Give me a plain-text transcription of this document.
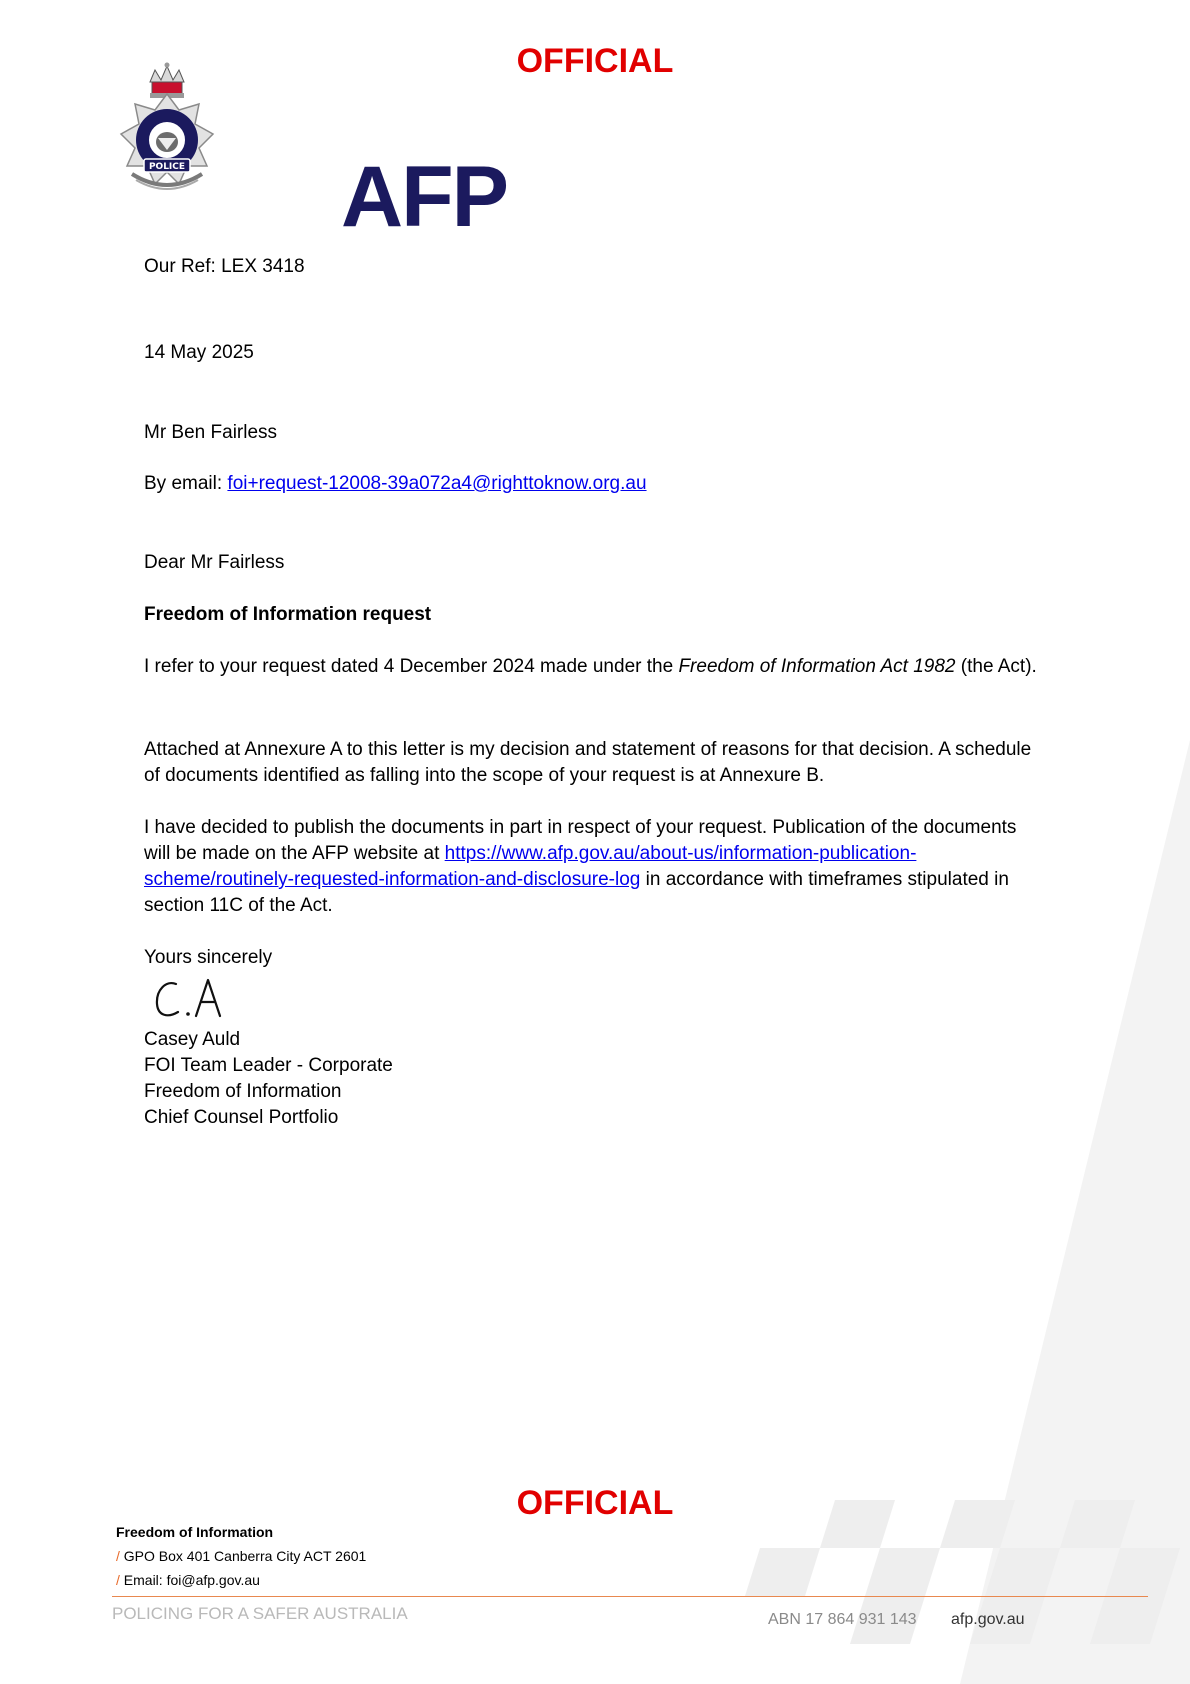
OFFICIAL
POLICE AFP
Our Ref: LEX 3418
14 May 2025
Mr Ben Fairless
By email: foi+request-12008-39a072a4@righttoknow.org.au
Dear Mr Fairless
Freedom of Information request
I refer to your request dated 4 December 2024 made under the Freedom of Information Act 1982 (the Act).
Attached at Annexure A to this letter is my decision and statement of reasons for that decision. A schedule of documents identified as falling into the scope of your request is at Annexure B.
I have decided to publish the documents in part in respect of your request. Publication of the documents will be made on the AFP website at https://www.afp.gov.au/about-us/information-publication-scheme/routinely-requested-information-and-disclosure-log in accordance with timeframes stipulated in section 11C of the Act.
Yours sincerely

Casey Auld

FOI Team Leader - Corporate

Freedom of Information

Chief Counsel Portfolio

OFFICIAL
Freedom of Information
/ GPO Box 401 Canberra City ACT 2601
/ Email: foi@afp.gov.au
POLICING FOR A SAFER AUSTRALIA	ABN 17 864 931 143 afp.gov.au
